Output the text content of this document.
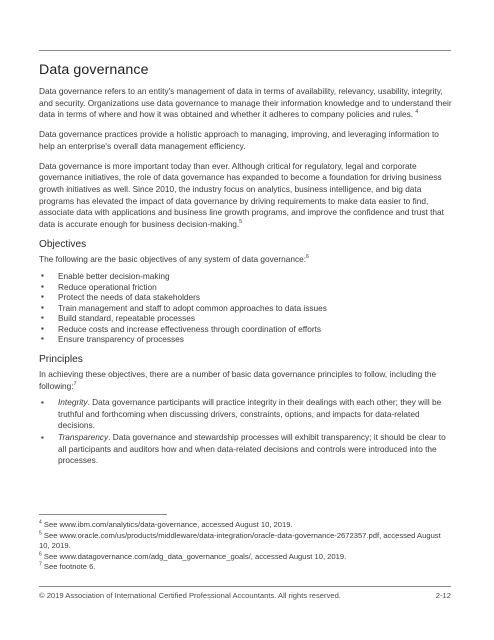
Data governance

Data governance refers to an entity's management of data in terms of availability, relevancy, usability, integrity, and security. Organizations use data governance to manage their information knowledge and to understand their data in terms of where and how it was obtained and whether it adheres to company policies and rules. $^4$

Data governance practices provide a holistic approach to managing, improving, and leveraging information to help an enterprise's overall data management efficiency.

Data governance is more important today than ever. Although critical for regulatory, legal and corporate governance initiatives, the role of data governance has expanded to become a foundation for driving business growth initiatives as well. Since 2010, the industry focus on analytics, business intelligence, and big data programs has elevated the impact of data governance by driving requirements to make data easier to find, associate data with applications and business line growth programs, and improve the confidence and trust that data is accurate enough for business decision-making.$^5$

Objectives
The following are the basic objectives of any system of data governance:$^6$
▪ Enable better decision-making
▪ Reduce operational friction
▪ Protect the needs of data stakeholders
▪ Train management and staff to adopt common approaches to data issues
▪ Build standard, repeatable processes
▪ Reduce costs and increase effectiveness through coordination of efforts
▪ Ensure transparency of processes
Principles
In achieving these objectives, there are a number of basic data governance principles to follow, including the following:$^7$
▪ Integrity. Data governance participants will practice integrity in their dealings with each other; they will be truthful and forthcoming when discussing drivers, constraints, options, and impacts for data-related decisions.
▪ Transparency. Data governance and stewardship processes will exhibit transparency; it should be clear to all participants and auditors how and when data-related decisions and controls were introduced into the processes.
$^4$ See www.ibm.com/analytics/data-governance, accessed August 10, 2019.
$^5$ See www.oracle.com/us/products/middleware/data-integration/oracle-data-governance-2672357.pdf, accessed August 10, 2019.
$^6$ See www.datagovernance.com/adg_data_governance_goals/, accessed August 10, 2019.
$^7$ See footnote 6.
© 2019 Association of International Certified Professional Accountants. All rights reserved.	2-12
